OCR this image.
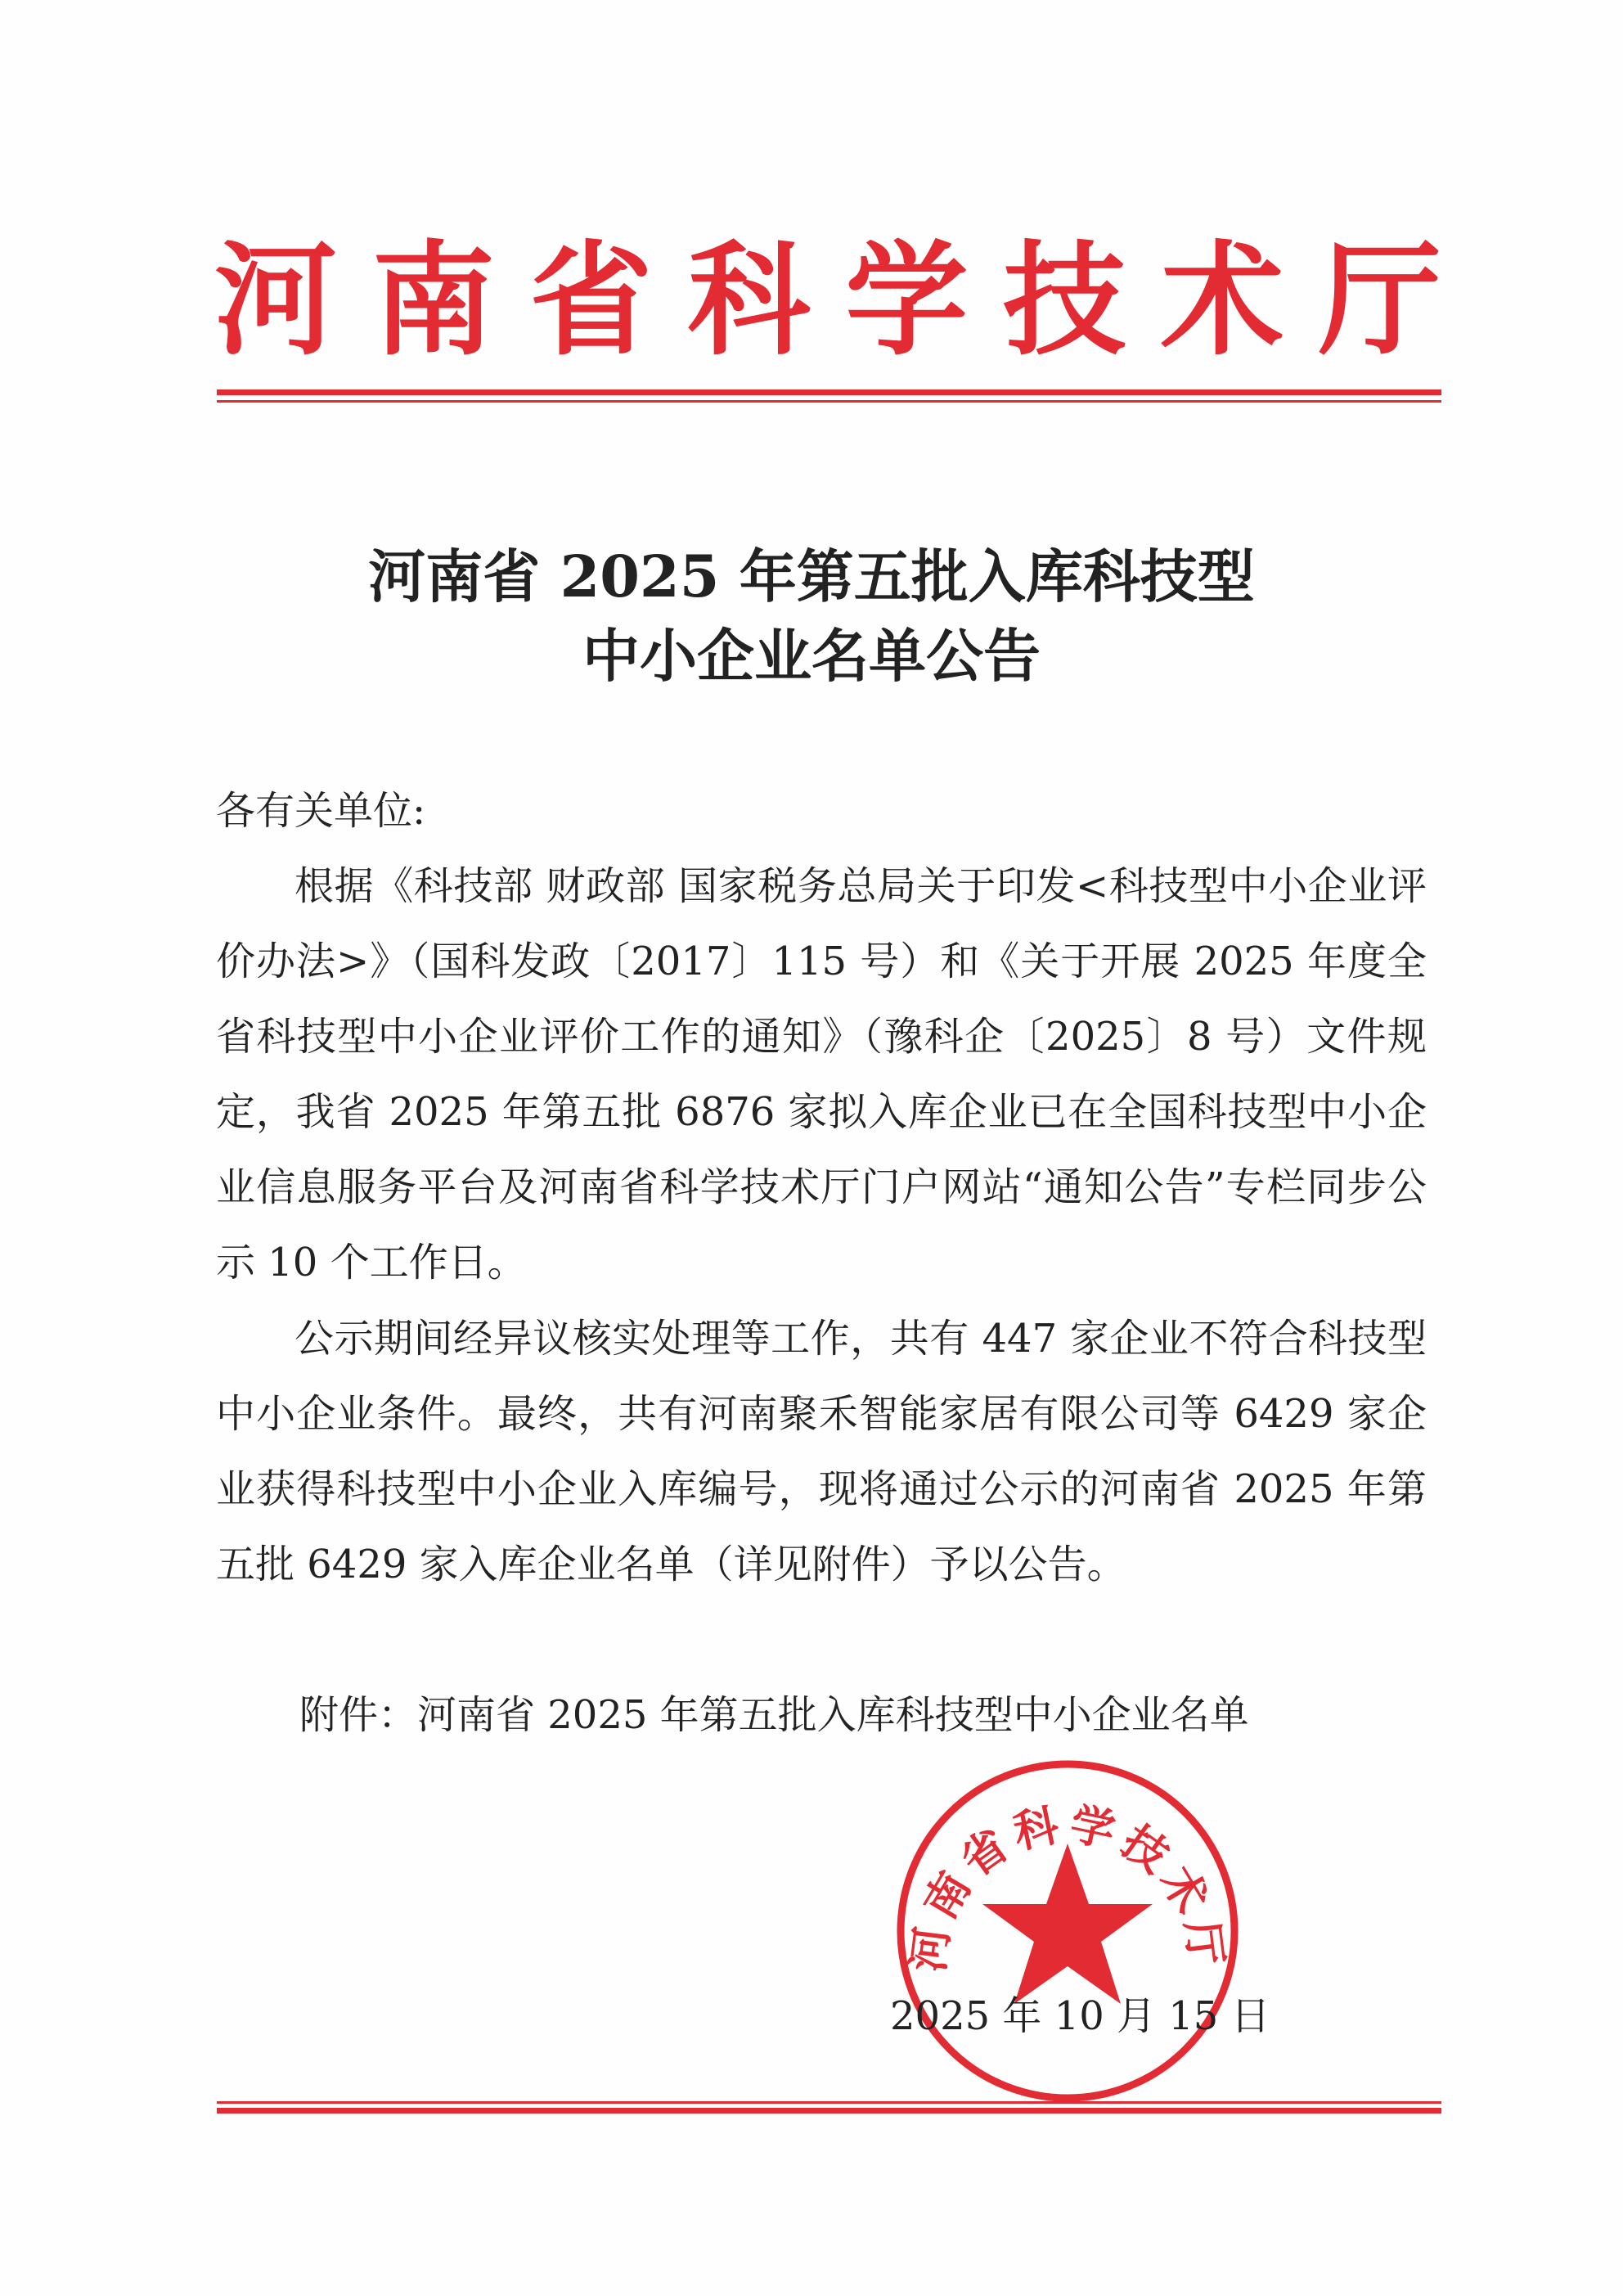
河 南 省 科 学 技 术 厅
河南省 2025 年第五批入库科技型
中小企业名单公告
各有关单位:

根据《科技部 财政部 国家税务总局关于印发<科技型中小企业评价办法>》（国科发政〔2017〕115 号）和《关于开展 2025 年度全省科技型中小企业评价工作的通知》（豫科企〔2025〕8 号）文件规定，我省 2025 年第五批 6876 家拟入库企业已在全国科技型中小企业信息服务平台及河南省科学技术厅门户网站“通知公告”专栏同步公示 10 个工作日。

公示期间经异议核实处理等工作，共有 447 家企业不符合科技型中小企业条件。最终，共有河南聚禾智能家居有限公司等 6429 家企业获得科技型中小企业入库编号，现将通过公示的河南省 2025 年第五批 6429 家入库企业名单（详见附件）予以公告。

附件：河南省 2025 年第五批入库科技型中小企业名单
河南省科学技术厅
2025 年 10 月 15 日
